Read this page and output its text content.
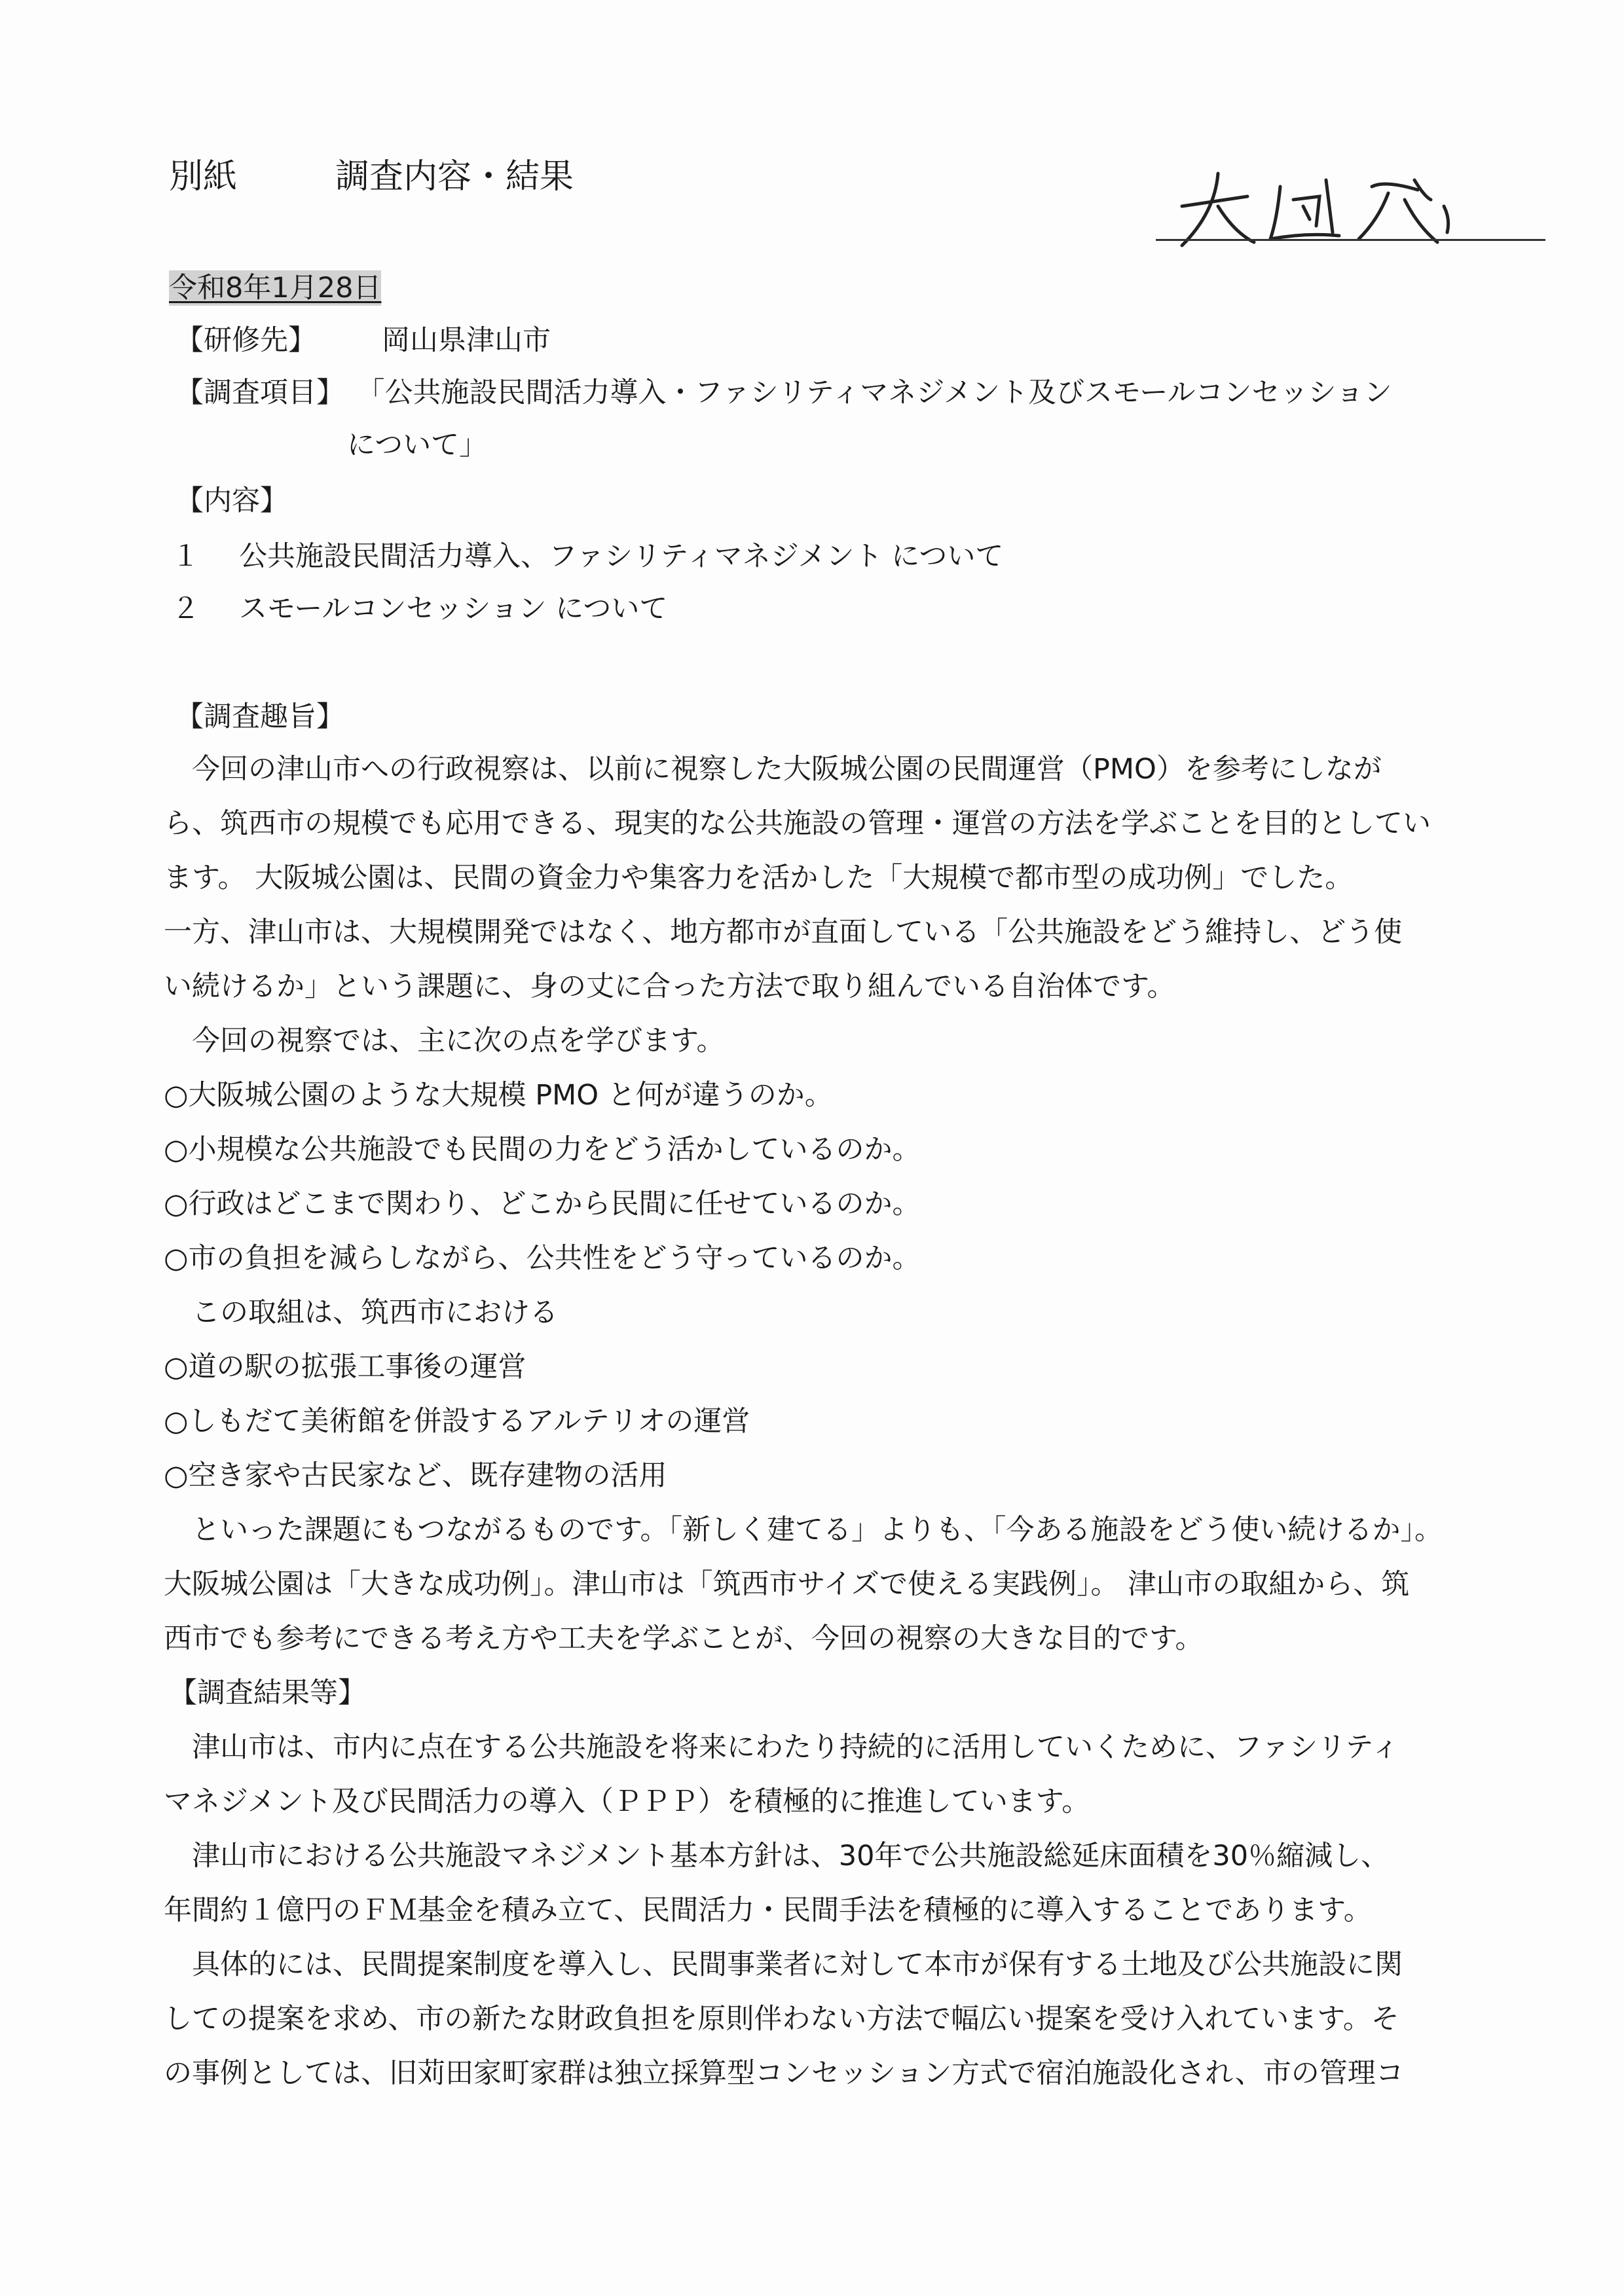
別紙	調査内容・結果
令和8年1月28日
【研修先】 岡山県津山市
【調査項目】 「公共施設民間活力導入・ファシリティマネジメント及びスモールコンセッション
について」
【内容】
１ 公共施設民間活力導入、ファシリティマネジメント について
２ スモールコンセッション について
【調査趣旨】
　今回の津山市への行政視察は、以前に視察した大阪城公園の民間運営（PMO）を参考にしなが
ら、筑西市の規模でも応用できる、現実的な公共施設の管理・運営の方法を学ぶことを目的としてい
ます。 大阪城公園は、民間の資金力や集客力を活かした「大規模で都市型の成功例」でした。
一方、津山市は、大規模開発ではなく、地方都市が直面している「公共施設をどう維持し、どう使
い続けるか」という課題に、身の丈に合った方法で取り組んでいる自治体です。
　今回の視察では、主に次の点を学びます。
○大阪城公園のような大規模 PMO と何が違うのか。
○小規模な公共施設でも民間の力をどう活かしているのか。
○行政はどこまで関わり、どこから民間に任せているのか。
○市の負担を減らしながら、公共性をどう守っているのか。
　この取組は、筑西市における
○道の駅の拡張工事後の運営
○しもだて美術館を併設するアルテリオの運営
○空き家や古民家など、既存建物の活用
　といった課題にもつながるものです。「新しく建てる」よりも、「今ある施設をどう使い続けるか」。
大阪城公園は「大きな成功例」。津山市は「筑西市サイズで使える実践例」。 津山市の取組から、筑
西市でも参考にできる考え方や工夫を学ぶことが、今回の視察の大きな目的です。
【調査結果等】
　津山市は、市内に点在する公共施設を将来にわたり持続的に活用していくために、ファシリティ
マネジメント及び民間活力の導入（ＰＰＰ）を積極的に推進しています。
　津山市における公共施設マネジメント基本方針は、30年で公共施設総延床面積を30％縮減し、
年間約１億円のＦＭ基金を積み立て、民間活力・民間手法を積極的に導入することであります。
　具体的には、民間提案制度を導入し、民間事業者に対して本市が保有する土地及び公共施設に関
しての提案を求め、市の新たな財政負担を原則伴わない方法で幅広い提案を受け入れています。そ
の事例としては、旧苅田家町家群は独立採算型コンセッション方式で宿泊施設化され、市の管理コ
